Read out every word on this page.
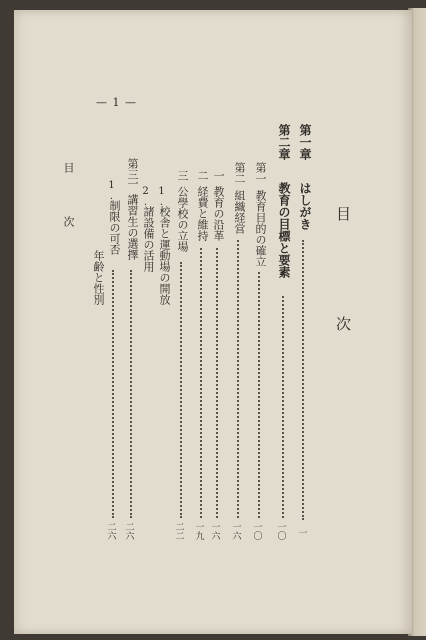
— 1 —
目　次
第一章
はしがき
一
第二章
教育の目標と要素
一〇
第一
教育目的の確立
一〇
第二
組織経営
一六
一
教育の沿革
一六
二
経費と維持
一九
三
公學校の立場
二二
1.
校舎と運動場の開放
2.
諸設備の活用
第三
一
講習生の選擇
二六
1.
制限の可否
二六
年齢と性別
目　次
